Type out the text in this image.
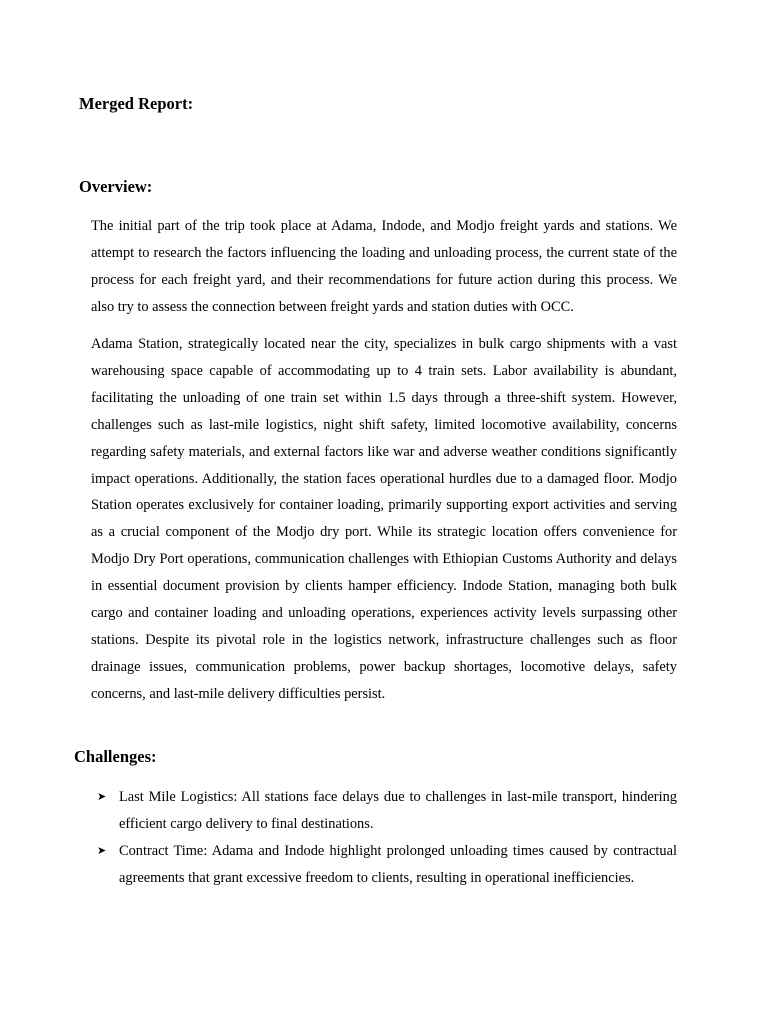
Merged Report:
Overview:

The initial part of the trip took place at Adama, Indode, and Modjo freight yards and stations. We attempt to research the factors influencing the loading and unloading process, the current state of the process for each freight yard, and their recommendations for future action during this process. We also try to assess the connection between freight yards and station duties with OCC.

Adama Station, strategically located near the city, specializes in bulk cargo shipments with a vast warehousing space capable of accommodating up to 4 train sets. Labor availability is abundant, facilitating the unloading of one train set within 1.5 days through a three-shift system. However, challenges such as last-mile logistics, night shift safety, limited locomotive availability, concerns regarding safety materials, and external factors like war and adverse weather conditions significantly impact operations. Additionally, the station faces operational hurdles due to a damaged floor. Modjo Station operates exclusively for container loading, primarily supporting export activities and serving as a crucial component of the Modjo dry port. While its strategic location offers convenience for Modjo Dry Port operations, communication challenges with Ethiopian Customs Authority and delays in essential document provision by clients hamper efficiency. Indode Station, managing both bulk cargo and container loading and unloading operations, experiences activity levels surpassing other stations. Despite its pivotal role in the logistics network, infrastructure challenges such as floor drainage issues, communication problems, power backup shortages, locomotive delays, safety concerns, and last-mile delivery difficulties persist.

Challenges:
➤ Last Mile Logistics: All stations face delays due to challenges in last-mile transport, hindering efficient cargo delivery to final destinations.
➤ Contract Time: Adama and Indode highlight prolonged unloading times caused by contractual agreements that grant excessive freedom to clients, resulting in operational inefficiencies.
